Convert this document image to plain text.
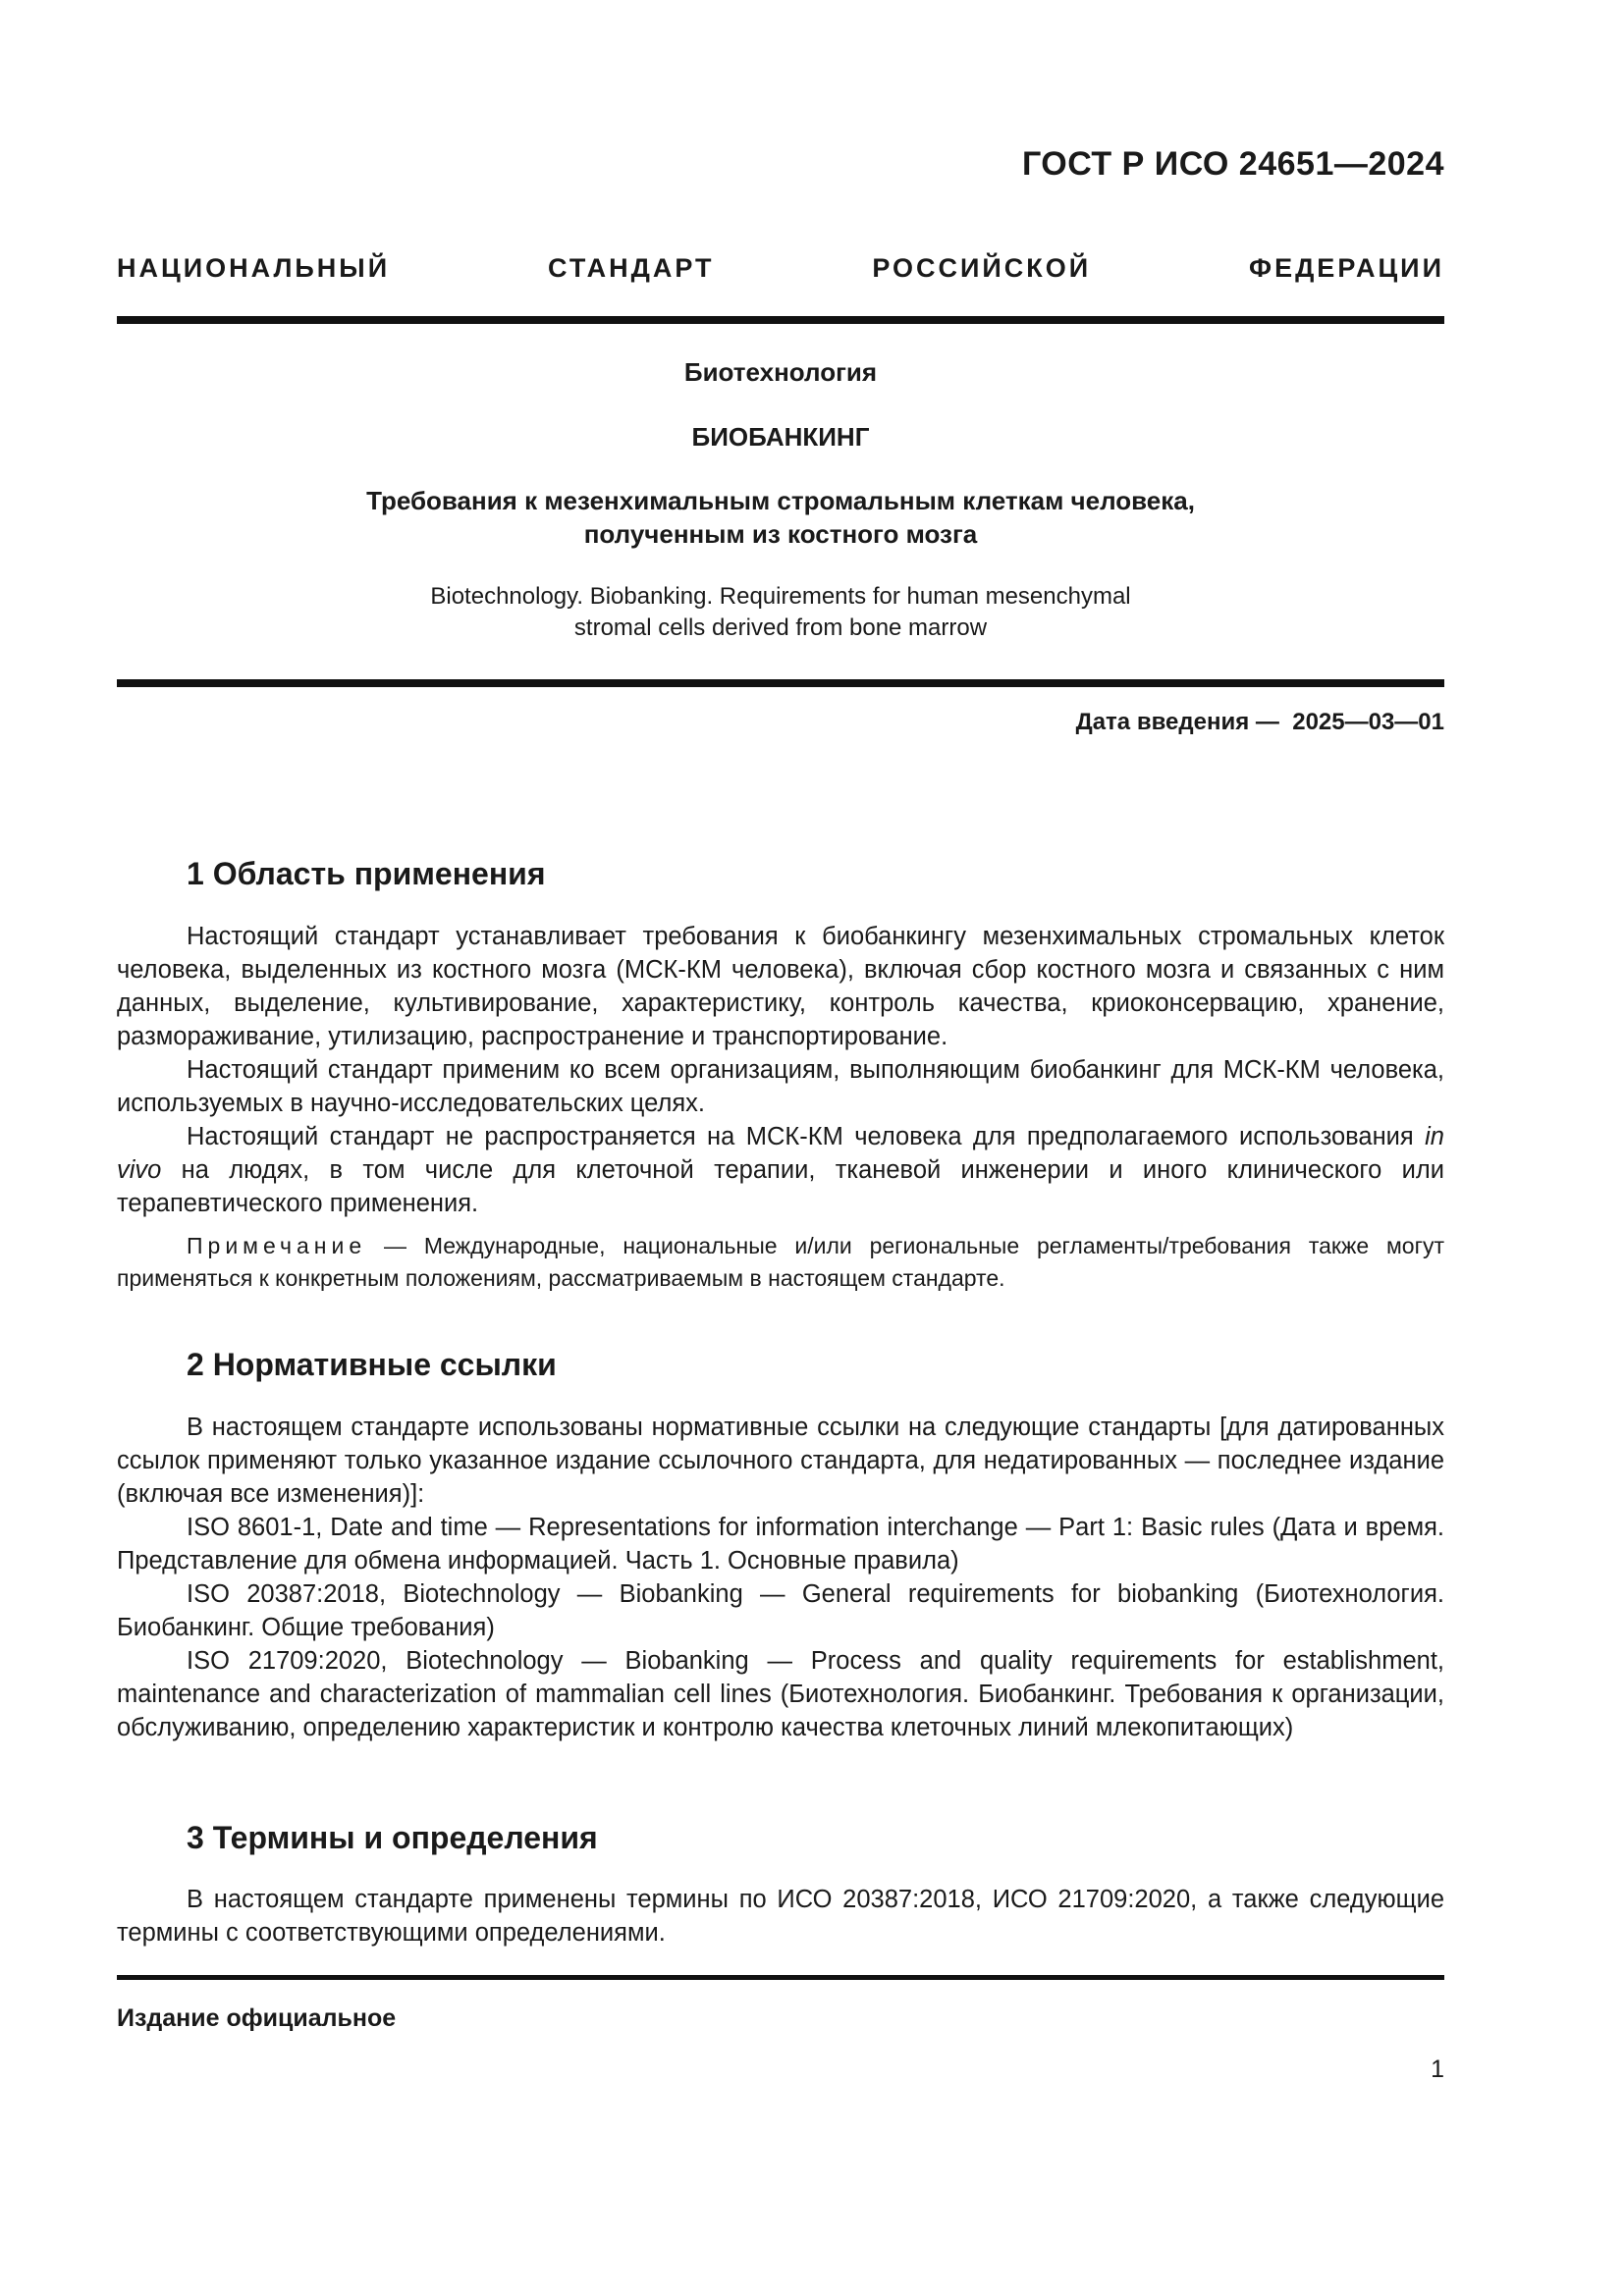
ГОСТ Р ИСО 24651—2024
НАЦИОНАЛЬНЫЙ СТАНДАРТ РОССИЙСКОЙ ФЕДЕРАЦИИ
Биотехнология
БИОБАНКИНГ
Требования к мезенхимальным стромальным клеткам человека,
полученным из костного мозга
Biotechnology. Biobanking. Requirements for human mesenchymal
stromal cells derived from bone marrow
Дата введения — 2025—03—01
1 Область применения

Настоящий стандарт устанавливает требования к биобанкингу мезенхимальных стромальных клеток человека, выделенных из костного мозга (МСК-КМ человека), включая сбор костного мозга и связанных с ним данных, выделение, культивирование, характеристику, контроль качества, криоконсервацию, хранение, размораживание, утилизацию, распространение и транспортирование.

Настоящий стандарт применим ко всем организациям, выполняющим биобанкинг для МСК-КМ человека, используемых в научно-исследовательских целях.

Настоящий стандарт не распространяется на МСК-КМ человека для предполагаемого использования in vivo на людях, в том числе для клеточной терапии, тканевой инженерии и иного клинического или терапевтического применения.

Примечание — Международные, национальные и/или региональные регламенты/требования также могут применяться к конкретным положениям, рассматриваемым в настоящем стандарте.

2 Нормативные ссылки

В настоящем стандарте использованы нормативные ссылки на следующие стандарты [для датированных ссылок применяют только указанное издание ссылочного стандарта, для недатированных — последнее издание (включая все изменения)]:

ISO 8601-1, Date and time — Representations for information interchange — Part 1: Basic rules (Дата и время. Представление для обмена информацией. Часть 1. Основные правила)

ISO 20387:2018, Biotechnology — Biobanking — General requirements for biobanking (Биотехнология. Биобанкинг. Общие требования)

ISO 21709:2020, Biotechnology — Biobanking — Process and quality requirements for establishment, maintenance and characterization of mammalian cell lines (Биотехнология. Биобанкинг. Требования к организации, обслуживанию, определению характеристик и контролю качества клеточных линий млекопитающих)

3 Термины и определения

В настоящем стандарте применены термины по ИСО 20387:2018, ИСО 21709:2020, а также следующие термины с соответствующими определениями.

Издание официальное
1
